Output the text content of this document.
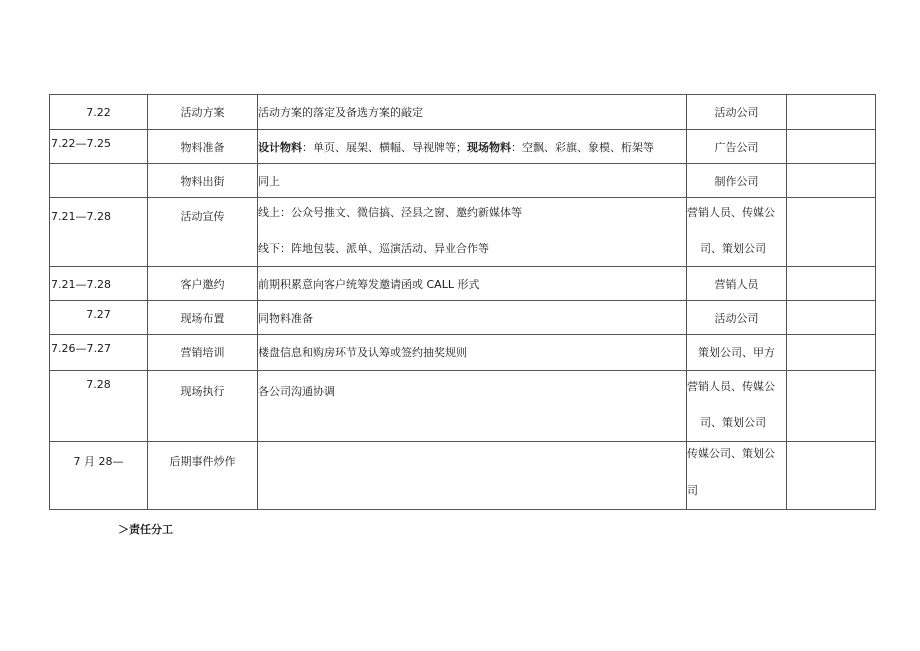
7.22	活动方案	活动方案的落定及备选方案的敲定	活动公司	

7.22—7.25	物料准备	设计物料：单页、展架、横幅、导视牌等；现场物料：空飘、彩旗、象模、桁架等	广告公司	

	物料出街	同上	制作公司	

7.21—7.28	活动宣传	线上：公众号推文、微信搞、泾县之窗、邀约新媒体等
线下：阵地包装、派单、巡演活动、异业合作等	营销人员、传媒公
司、策划公司	

7.21—7.28	客户邀约	前期积累意向客户统筹发邀请函或 CALL 形式	营销人员	

7.27	现场布置	同物料准备	活动公司	

7.26—7.27	营销培训	楼盘信息和购房环节及认筹或签约抽奖规则	策划公司、甲方	

7.28	现场执行	各公司沟通协调	营销人员、传媒公
司、策划公司	

7 月 28—	后期事件炒作		传媒公司、策划公
司	

＞责任分工
